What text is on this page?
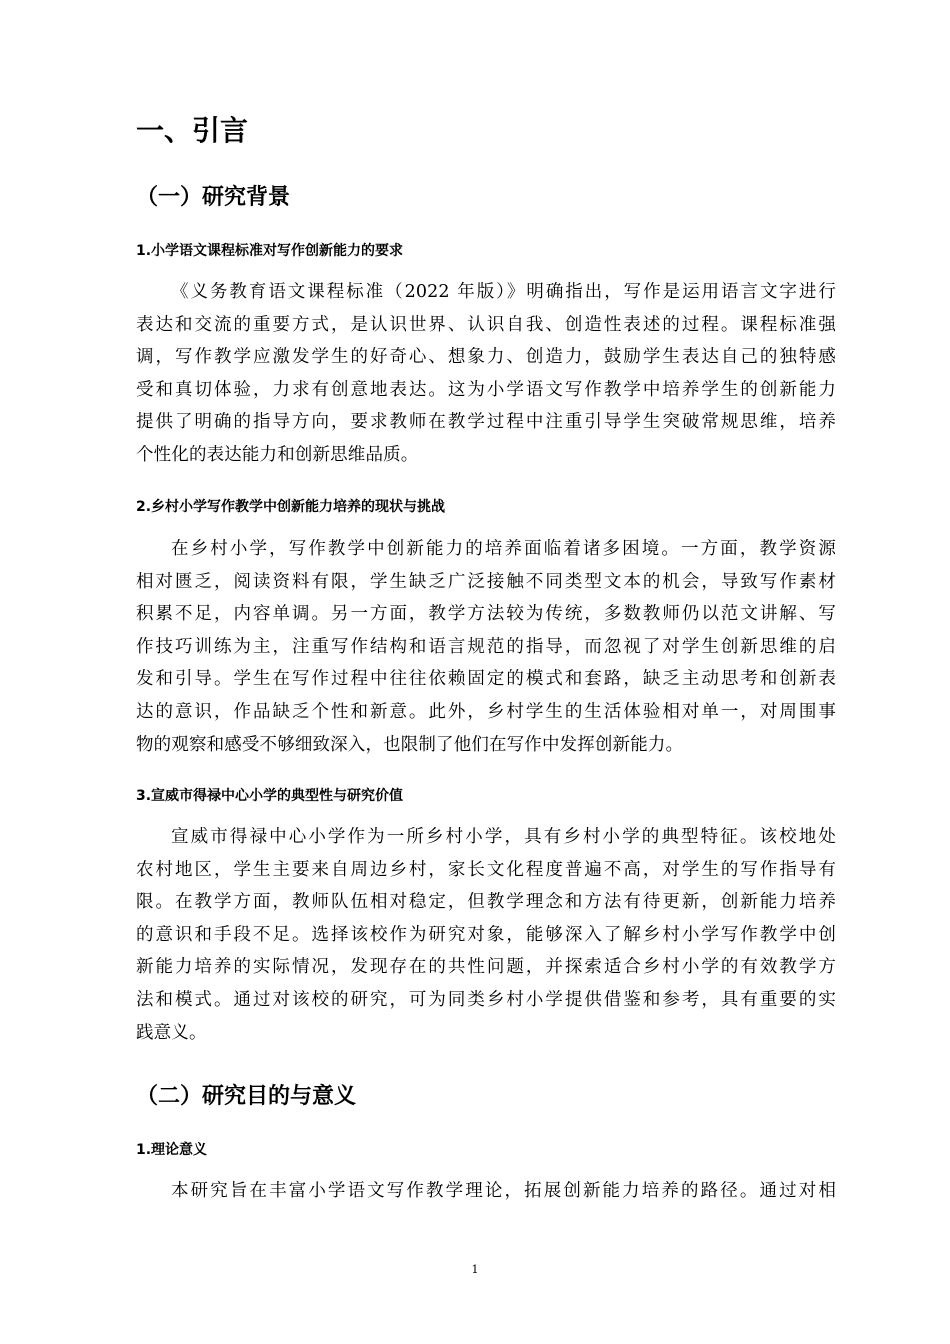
一、引言
（一）研究背景
1.小学语文课程标准对写作创新能力的要求
《义务教育语文课程标准（2022 年版）》明确指出，写作是运用语言文字进行
表达和交流的重要方式，是认识世界、认识自我、创造性表述的过程。课程标准强
调，写作教学应激发学生的好奇心、想象力、创造力，鼓励学生表达自己的独特感
受和真切体验，力求有创意地表达。这为小学语文写作教学中培养学生的创新能力
提供了明确的指导方向，要求教师在教学过程中注重引导学生突破常规思维，培养
个性化的表达能力和创新思维品质。
2.乡村小学写作教学中创新能力培养的现状与挑战
在乡村小学，写作教学中创新能力的培养面临着诸多困境。一方面，教学资源
相对匮乏，阅读资料有限，学生缺乏广泛接触不同类型文本的机会，导致写作素材
积累不足，内容单调。另一方面，教学方法较为传统，多数教师仍以范文讲解、写
作技巧训练为主，注重写作结构和语言规范的指导，而忽视了对学生创新思维的启
发和引导。学生在写作过程中往往依赖固定的模式和套路，缺乏主动思考和创新表
达的意识，作品缺乏个性和新意。此外，乡村学生的生活体验相对单一，对周围事
物的观察和感受不够细致深入，也限制了他们在写作中发挥创新能力。
3.宣威市得禄中心小学的典型性与研究价值
宣威市得禄中心小学作为一所乡村小学，具有乡村小学的典型特征。该校地处
农村地区，学生主要来自周边乡村，家长文化程度普遍不高，对学生的写作指导有
限。在教学方面，教师队伍相对稳定，但教学理念和方法有待更新，创新能力培养
的意识和手段不足。选择该校作为研究对象，能够深入了解乡村小学写作教学中创
新能力培养的实际情况，发现存在的共性问题，并探索适合乡村小学的有效教学方
法和模式。通过对该校的研究，可为同类乡村小学提供借鉴和参考，具有重要的实
践意义。
（二）研究目的与意义
1.理论意义
本研究旨在丰富小学语文写作教学理论，拓展创新能力培养的路径。通过对相
1
